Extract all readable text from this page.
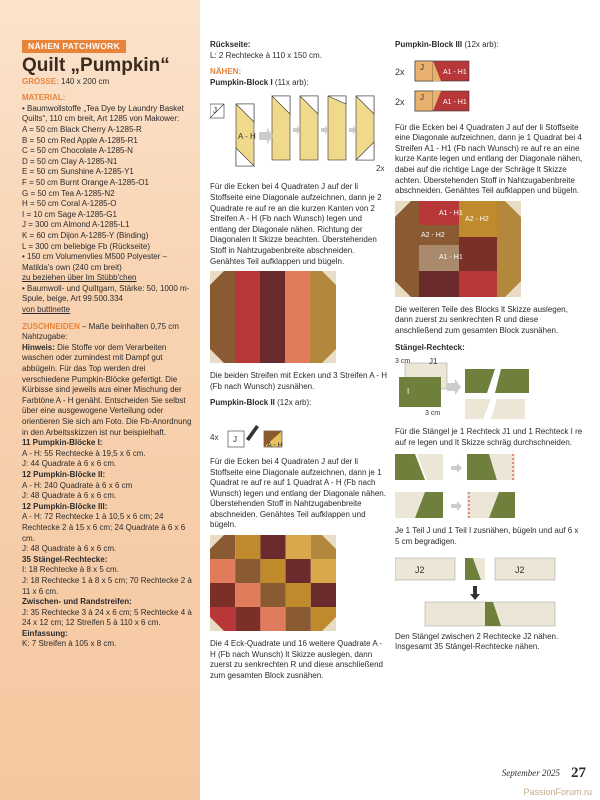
NÄHEN PATCHWORK
Quilt „Pumpkin“

GRÖSSE: 140 x 200 cm

MATERIAL:

• Baumwollstoffe „Tea Dye by Laundry Basket Quilts“, 110 cm breit, Art 1285 von Makower:

A = 50 cm Black Cherry A-1285-R

B = 50 cm Red Apple A-1285-R1

C = 50 cm Chocolate A-1285-N

D = 50 cm Clay A-1285-N1

E = 50 cm Sunshine A-1285-Y1

F = 50 cm Burnt Orange A-1285-O1

G = 50 cm Tea A-1285-N2

H = 50 cm Coral A-1285-O

I = 10 cm Sage A-1285-G1

J = 300 cm Almond A-1285-L1

K = 60 cm Dijon A-1285-Y (Binding)

L = 300 cm beliebige Fb (Rückseite)

• 150 cm Volumenvlies M500 Polyester – Matilda's own (240 cm breit)

zu beziehen über Im Stübb'chen

• Baumwoll- und Quiltgarn, Stärke: 50, 1000 m-Spule, beige, Art 99.500.334

von buttinette

ZUSCHNEIDEN – Maße beinhalten 0,75 cm Nahtzugabe:

Hinweis: Die Stoffe vor dem Verarbeiten waschen oder zumindest mit Dampf gut abbügeln. Für das Top werden drei verschiedene Pumpkin-Blöcke gefertigt. Die Kürbisse sind jeweils aus einer Mischung der Farbtöne A - H genäht. Entscheiden Sie selbst über eine ausgewogene Verteilung oder orientieren Sie sich am Foto. Die Fb-Anordnung in den Arbeitsskizzen ist nur beispielhaft.

11 Pumpkin-Blöcke I:

A - H: 55 Rechtecke à 19,5 x 6 cm.

J: 44 Quadrate à 6 x 6 cm.

12 Pumpkin-Blöcke II:

A - H: 240 Quadrate à 6 x 6 cm

J: 48 Quadrate à 6 x 6 cm.

12 Pumpkin-Blöcke III:

A - H: 72 Rechtecke 1 à 10,5 x 6 cm; 24 Rechtecke 2 à 15 x 6 cm; 24 Quadrate à 6 x 6 cm.

J: 48 Quadrate à 6 x 6 cm.

35 Stängel-Rechtecke:

I: 18 Rechtecke à 8 x 5 cm.

J: 18 Rechtecke 1 à 8 x 5 cm; 70 Rechtecke 2 à 11 x 6 cm.

Zwischen- und Randstreifen:

J: 35 Rechtecke 3 à 24 x 6 cm; 5 Rechtecke 4 à 24 x 12 cm; 12 Streifen 5 à 110 x 6 cm.

Einfassung:

K: 7 Streifen à 105 x 8 cm.

Rückseite:

L: 2 Rechtecke à 110 x 150 cm.

NÄHEN:

Pumpkin-Block I (11x arb):

J
A - H
2x

Für die Ecken bei 4 Quadraten J auf der li Stoffseite eine Diagonale aufzeichnen, dann je 2 Quadrate re auf re an die kurzen Kanten von 2 Streifen A - H (Fb nach Wunsch) legen und entlang der Diagonale nähen. Richtung der Diagonalen lt Skizze beachten. Überstehenden Stoff in Nahtzugabenbreite abschneiden. Genähtes Teil aufklappen und bügeln.

Die beiden Streifen mit Ecken und 3 Streifen A - H (Fb nach Wunsch) zusnähen.

Pumpkin-Block II (12x arb):

4x J
A - H

Für die Ecken bei 4 Quadraten J auf der li Stoffseite eine Diagonale aufzeichnen, dann je 1 Quadrat re auf re auf 1 Quadrat A - H (Fb nach Wunsch) legen und entlang der Diagonale nähen. Überstehenden Stoff in Nahtzugabenbreite abschneiden. Genähtes Teil aufklappen und bügeln.

Die 4 Eck-Quadrate und 16 weitere Quadrate A - H (Fb nach Wunsch) lt Skizze auslegen, dann zuerst zu senkrechten R und diese anschließend zum gesamten Block zusnähen.

Pumpkin-Block III (12x arb):

2x
2x
J
J
A1 - H1
A1 - H1

Für die Ecken bei 4 Quadraten J auf der li Stoffseite eine Diagonale aufzeichnen, dann je 1 Quadrat bei 4 Streifen A1 - H1 (Fb nach Wunsch) re auf re an eine kurze Kante legen und entlang der Diagonale nähen, dabei auf die richtige Lage der Schräge lt Skizze achten. Überstehenden Stoff in Nahtzugabenbreite abschneiden. Genähtes Teil aufklappen und bügeln.

A1 - H1
A2 - H2
A2 - H2
A1 - H1

Die weiteren Teile des Blocks lt Skizze auslegen, dann zuerst zu senkrechten R und diese anschließend zum gesamten Block zusnähen.

Stängel-Rechteck:

3 cm J1
I
3 cm

Für die Stängel je 1 Rechteck J1 und 1 Rechteck I re auf re legen und lt Skizze schräg durchschneiden.

Je 1 Teil J und 1 Teil I zusnähen, bügeln und auf 6 x 5 cm begradigen.

J2	J2

Den Stängel zwischen 2 Rechtecke J2 nähen. Insgesamt 35 Stängel-Rechtecke nähen.

September 2025 27
PassionForum.ru
